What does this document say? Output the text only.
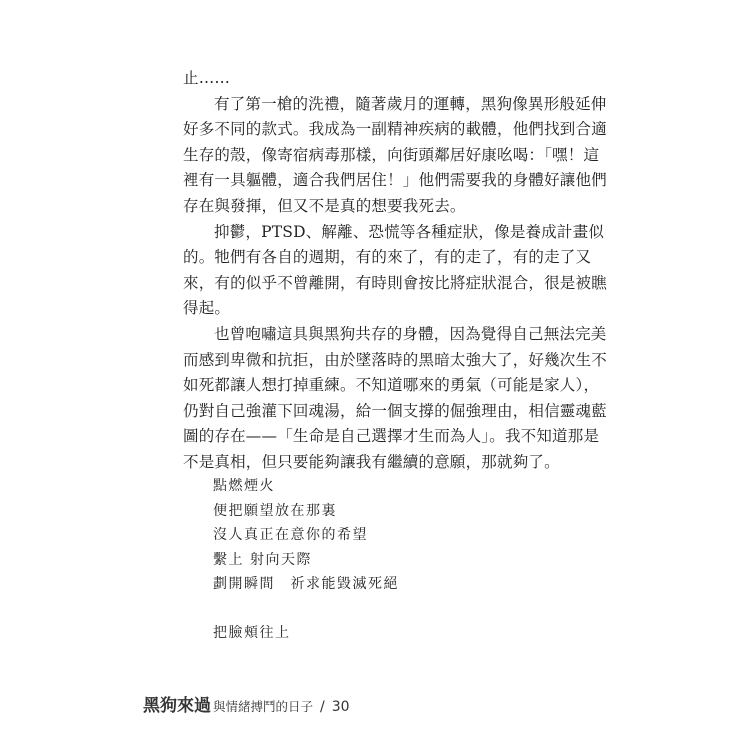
止……
有了第一槍的洗禮，隨著歲月的運轉，黑狗像異形般延伸
好多不同的款式。我成為一副精神疾病的載體，他們找到合適
生存的殼，像寄宿病毒那樣，向街頭鄰居好康吆喝：「嘿！這
裡有一具軀體，適合我們居住！」他們需要我的身體好讓他們
存在與發揮，但又不是真的想要我死去。
抑鬱，PTSD、解離、恐慌等各種症狀，像是養成計畫似
的。牠們有各自的週期，有的來了，有的走了，有的走了又
來，有的似乎不曾離開，有時則會按比將症狀混合，很是被瞧
得起。
也曾咆嘯這具與黑狗共存的身體，因為覺得自己無法完美
而感到卑微和抗拒，由於墜落時的黑暗太強大了，好幾次生不
如死都讓人想打掉重練。不知道哪來的勇氣（可能是家人），
仍對自己強灌下回魂湯，給一個支撐的倔強理由，相信靈魂藍
圖的存在——「生命是自己選擇才生而為人」。我不知道那是
不是真相，但只要能夠讓我有繼續的意願，那就夠了。
點燃煙火
便把願望放在那裏
沒人真正在意你的希望
繫上 射向天際
劃開瞬間　祈求能毀滅死絕
把臉頰往上
黑狗來過 與情緒搏鬥的日子 / 30
